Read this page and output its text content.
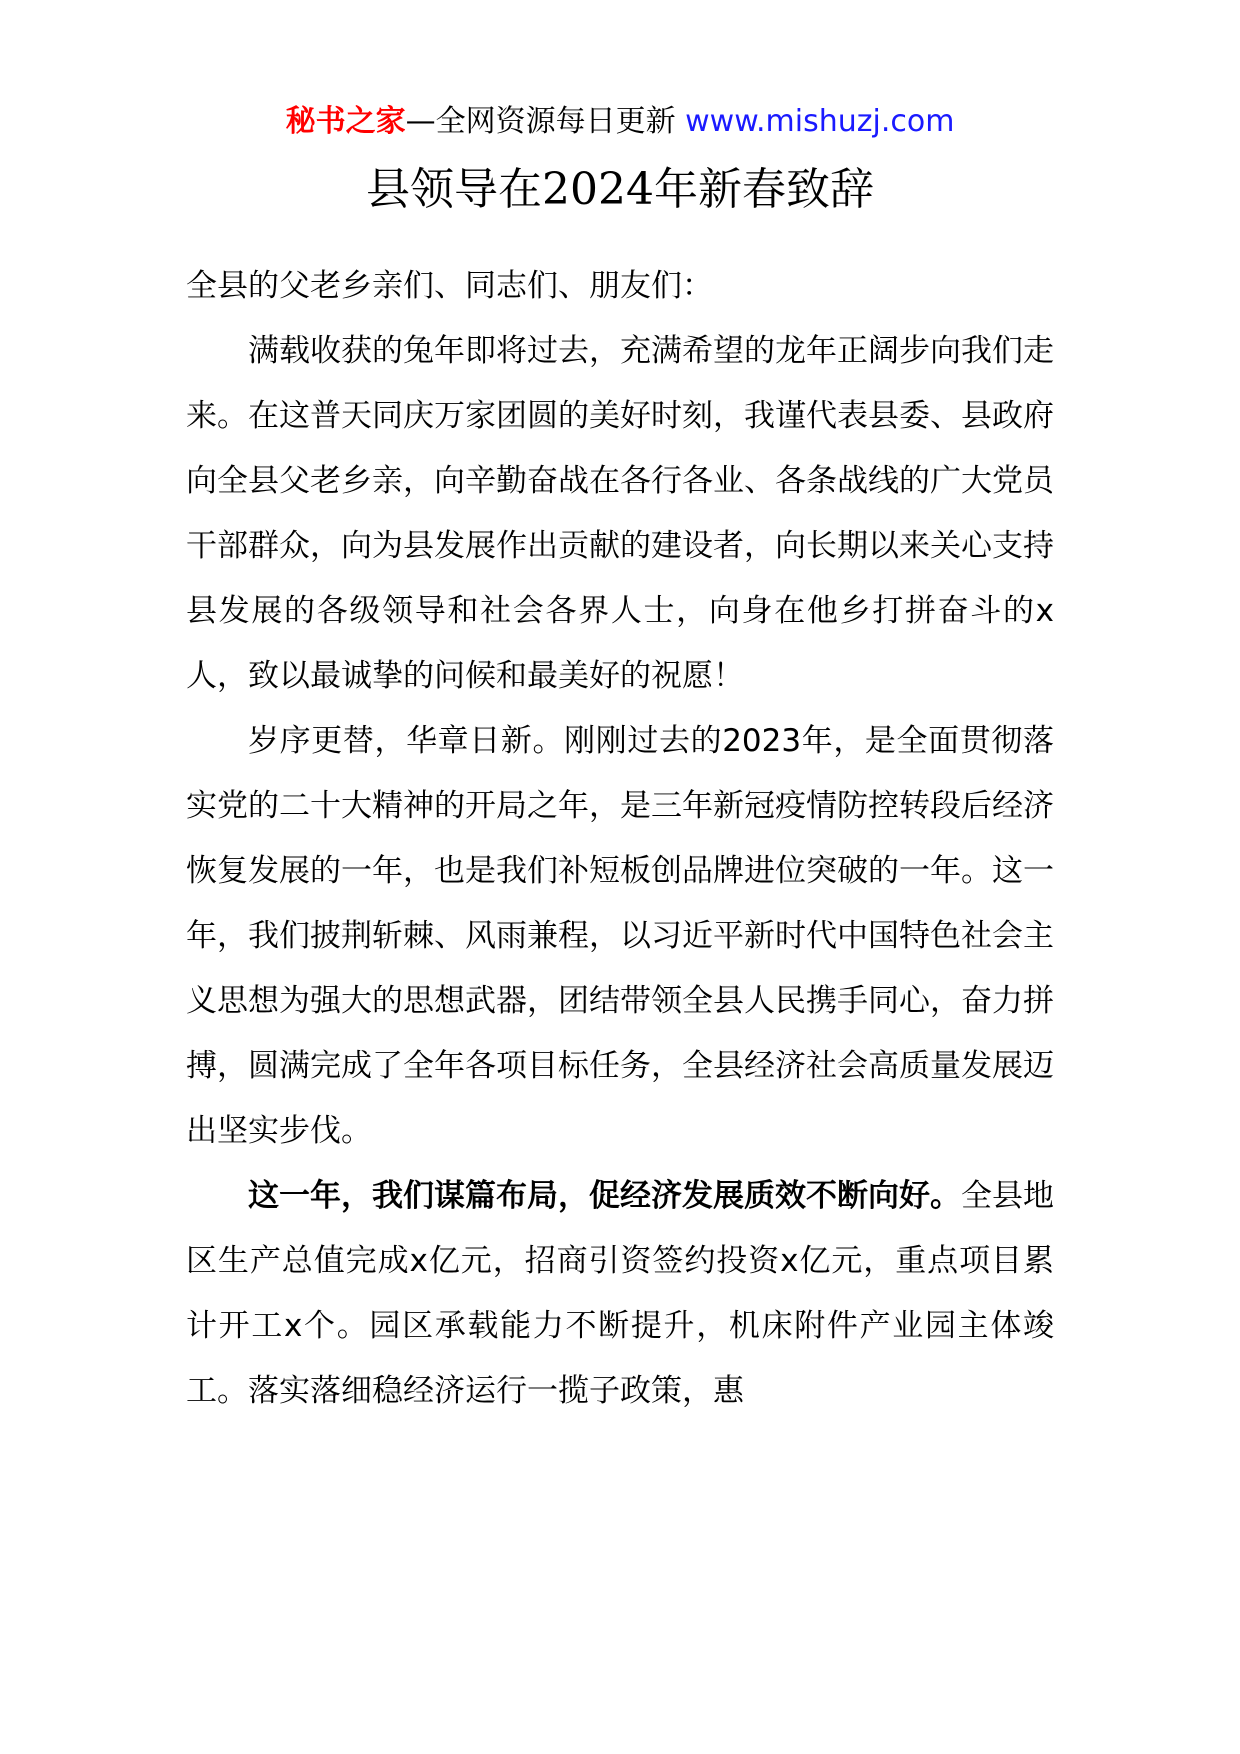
秘书之家—全网资源每日更新 www.mishuzj.com
县领导在2024年新春致辞

全县的父老乡亲们、同志们、朋友们：

满载收获的兔年即将过去，充满希望的龙年正阔步向我们走来。在这普天同庆万家团圆的美好时刻，我谨代表县委、县政府向全县父老乡亲，向辛勤奋战在各行各业、各条战线的广大党员干部群众，向为县发展作出贡献的建设者，向长期以来关心支持县发展的各级领导和社会各界人士，向身在他乡打拼奋斗的x人，致以最诚挚的问候和最美好的祝愿！

岁序更替，华章日新。刚刚过去的2023年，是全面贯彻落实党的二十大精神的开局之年，是三年新冠疫情防控转段后经济恢复发展的一年，也是我们补短板创品牌进位突破的一年。这一年，我们披荆斩棘、风雨兼程，以习近平新时代中国特色社会主义思想为强大的思想武器，团结带领全县人民携手同心，奋力拼搏，圆满完成了全年各项目标任务，全县经济社会高质量发展迈出坚实步伐。

这一年，我们谋篇布局，促经济发展质效不断向好。全县地区生产总值完成x亿元，招商引资签约投资x亿元，重点项目累计开工x个。园区承载能力不断提升，机床附件产业园主体竣工。落实落细稳经济运行一揽子政策，惠
